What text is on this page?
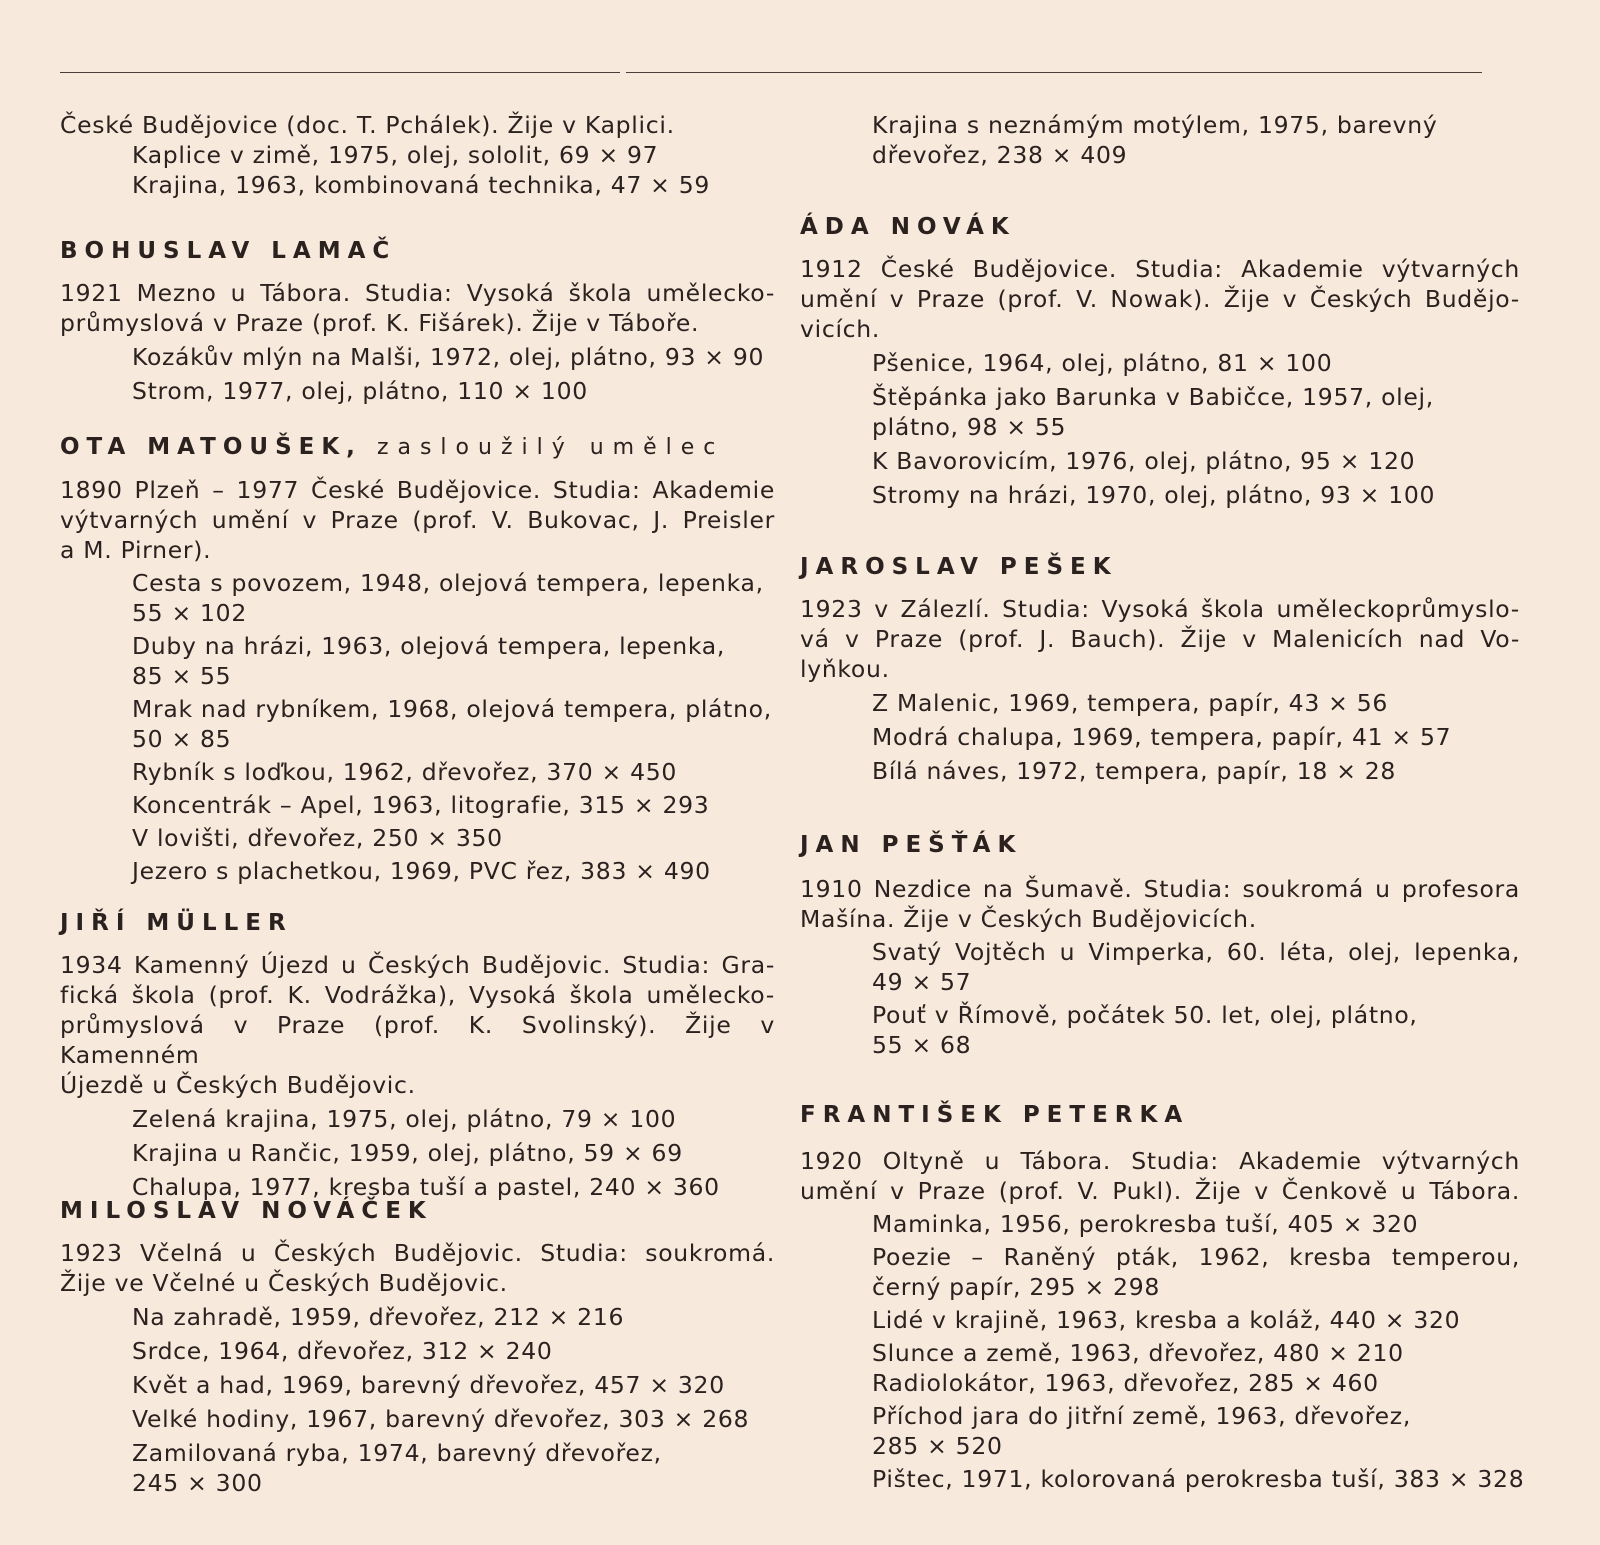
České Budějovice (doc. T. Pchálek). Žije v Kaplici.
Kaplice v zimě, 1975, olej, sololit, 69 × 97
Krajina, 1963, kombinovaná technika, 47 × 59
BOHUSLAV LAMAČ
1921 Mezno u Tábora. Studia: Vysoká škola umělecko-
průmyslová v Praze (prof. K. Fišárek). Žije v Táboře.
Kozákův mlýn na Malši, 1972, olej, plátno, 93 × 90
Strom, 1977, olej, plátno, 110 × 100
OTA MATOUŠEK, zasloužilý umělec
1890 Plzeň – 1977 České Budějovice. Studia: Akademie
výtvarných umění v Praze (prof. V. Bukovac, J. Preisler
a M. Pirner).
Cesta s povozem, 1948, olejová tempera, lepenka,
55 × 102
Duby na hrázi, 1963, olejová tempera, lepenka,
85 × 55
Mrak nad rybníkem, 1968, olejová tempera, plátno,
50 × 85
Rybník s loďkou, 1962, dřevořez, 370 × 450
Koncentrák – Apel, 1963, litografie, 315 × 293
V lovišti, dřevořez, 250 × 350
Jezero s plachetkou, 1969, PVC řez, 383 × 490
JIŘÍ MÜLLER
1934 Kamenný Újezd u Českých Budějovic. Studia: Gra-
fická škola (prof. K. Vodrážka), Vysoká škola umělecko-
průmyslová v Praze (prof. K. Svolinský). Žije v Kamenném
Újezdě u Českých Budějovic.
Zelená krajina, 1975, olej, plátno, 79 × 100
Krajina u Rančic, 1959, olej, plátno, 59 × 69
Chalupa, 1977, kresba tuší a pastel, 240 × 360
MILOSLAV NOVÁČEK
1923 Včelná u Českých Budějovic. Studia: soukromá.
Žije ve Včelné u Českých Budějovic.
Na zahradě, 1959, dřevořez, 212 × 216
Srdce, 1964, dřevořez, 312 × 240
Květ a had, 1969, barevný dřevořez, 457 × 320
Velké hodiny, 1967, barevný dřevořez, 303 × 268
Zamilovaná ryba, 1974, barevný dřevořez,
245 × 300
Krajina s neznámým motýlem, 1975, barevný
dřevořez, 238 × 409
ÁDA NOVÁK
1912 České Budějovice. Studia: Akademie výtvarných
umění v Praze (prof. V. Nowak). Žije v Českých Budějo-
vicích.
Pšenice, 1964, olej, plátno, 81 × 100
Štěpánka jako Barunka v Babičce, 1957, olej,
plátno, 98 × 55
K Bavorovicím, 1976, olej, plátno, 95 × 120
Stromy na hrázi, 1970, olej, plátno, 93 × 100
JAROSLAV PEŠEK
1923 v Zálezlí. Studia: Vysoká škola uměleckoprůmyslo-
vá v Praze (prof. J. Bauch). Žije v Malenicích nad Vo-
lyňkou.
Z Malenic, 1969, tempera, papír, 43 × 56
Modrá chalupa, 1969, tempera, papír, 41 × 57
Bílá náves, 1972, tempera, papír, 18 × 28
JAN PEŠŤÁK
1910 Nezdice na Šumavě. Studia: soukromá u profesora
Mašína. Žije v Českých Budějovicích.
Svatý Vojtěch u Vimperka, 60. léta, olej, lepenka,
49 × 57
Pouť v Římově, počátek 50. let, olej, plátno,
55 × 68
FRANTIŠEK PETERKA
1920 Oltyně u Tábora. Studia: Akademie výtvarných
umění v Praze (prof. V. Pukl). Žije v Čenkově u Tábora.
Maminka, 1956, perokresba tuší, 405 × 320
Poezie – Raněný pták, 1962, kresba temperou,
černý papír, 295 × 298
Lidé v krajině, 1963, kresba a koláž, 440 × 320
Slunce a země, 1963, dřevořez, 480 × 210
Radiolokátor, 1963, dřevořez, 285 × 460
Příchod jara do jitřní země, 1963, dřevořez,
285 × 520
Pištec, 1971, kolorovaná perokresba tuší, 383 × 328
